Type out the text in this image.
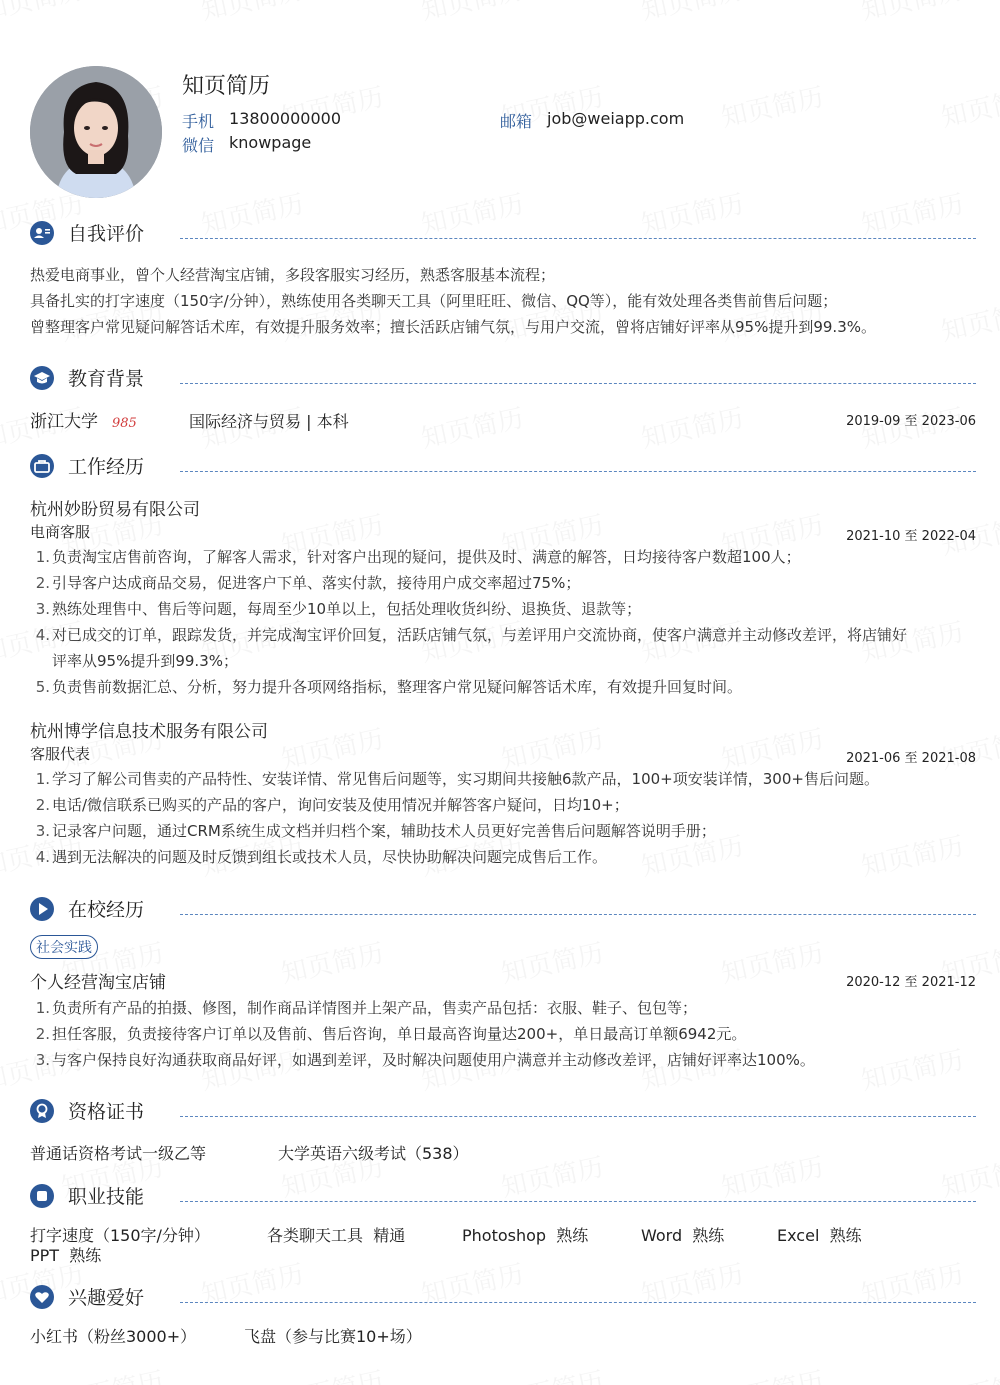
知页简历
手机 13800000000	邮箱 job@weiapp.com
微信 knowpage
自我评价
热爱电商事业，曾个人经营淘宝店铺，多段客服实习经历，熟悉客服基本流程；
具备扎实的打字速度（150字/分钟），熟练使用各类聊天工具（阿里旺旺、微信、QQ等），能有效处理各类售前售后问题；
曾整理客户常见疑问解答话术库，有效提升服务效率；擅长活跃店铺气氛，与用户交流，曾将店铺好评率从95%提升到99.3%。
教育背景
浙江大学 985	国际经济与贸易 | 本科	2019-09 至 2023-06
工作经历
杭州妙盼贸易有限公司
电商客服	2021-10 至 2022-04
1. 负责淘宝店售前咨询，了解客人需求，针对客户出现的疑问，提供及时、满意的解答，日均接待客户数超100人；
2. 引导客户达成商品交易，促进客户下单、落实付款，接待用户成交率超过75%；
3. 熟练处理售中、售后等问题，每周至少10单以上，包括处理收货纠纷、退换货、退款等；
4. 对已成交的订单，跟踪发货，并完成淘宝评价回复，活跃店铺气氛，与差评用户交流协商，使客户满意并主动修改差评，将店铺好
评率从95%提升到99.3%；
5. 负责售前数据汇总、分析，努力提升各项网络指标，整理客户常见疑问解答话术库，有效提升回复时间。
杭州博学信息技术服务有限公司
客服代表	2021-06 至 2021-08
1. 学习了解公司售卖的产品特性、安装详情、常见售后问题等，实习期间共接触6款产品，100+项安装详情，300+售后问题。
2. 电话/微信联系已购买的产品的客户，询问安装及使用情况并解答客户疑问，日均10+；
3. 记录客户问题，通过CRM系统生成文档并归档个案，辅助技术人员更好完善售后问题解答说明手册；
4. 遇到无法解决的问题及时反馈到组长或技术人员，尽快协助解决问题完成售后工作。
在校经历
社会实践
个人经营淘宝店铺	2020-12 至 2021-12
1. 负责所有产品的拍摄、修图，制作商品详情图并上架产品，售卖产品包括：衣服、鞋子、包包等；
2. 担任客服，负责接待客户订单以及售前、售后咨询，单日最高咨询量达200+，单日最高订单额6942元。
3. 与客户保持良好沟通获取商品好评，如遇到差评，及时解决问题使用户满意并主动修改差评，店铺好评率达100%。
资格证书
普通话资格考试一级乙等	大学英语六级考试（538）
职业技能
打字速度（150字/分钟）	各类聊天工具 精通	Photoshop 熟练	Word 熟练	Excel 熟练
PPT 熟练
兴趣爱好
小红书（粉丝3000+）	飞盘（参与比赛10+场）
